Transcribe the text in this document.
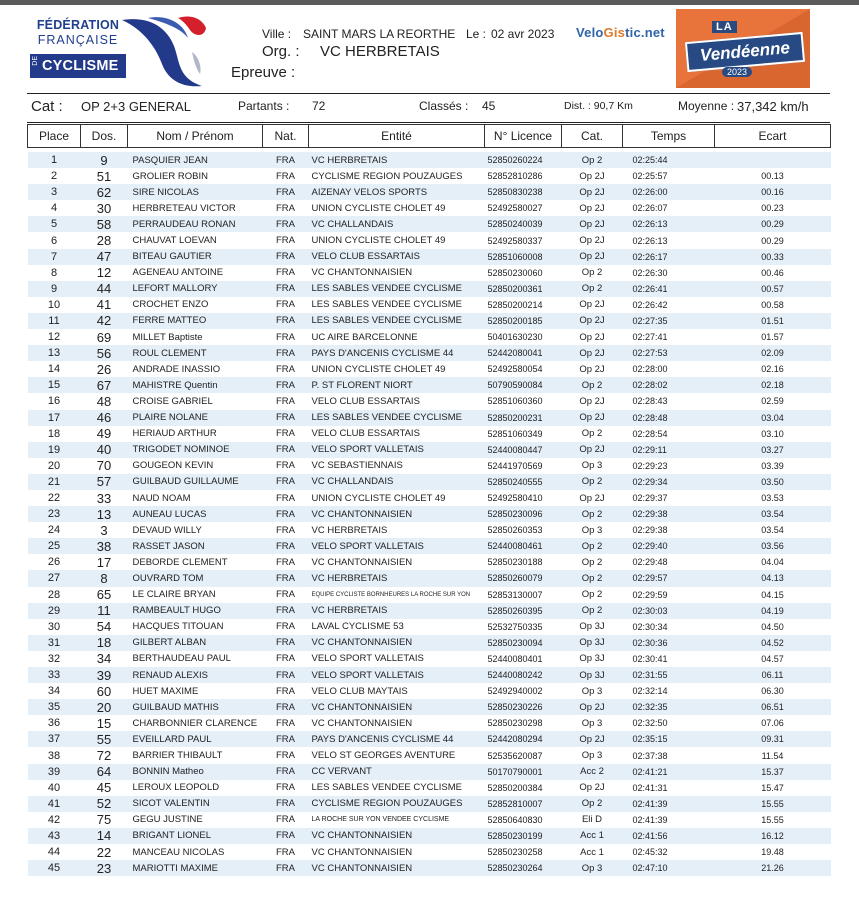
FÉDÉRATION
FRANÇAISE
DE CYCLISME
Ville : SAINT MARS LA REORTHE Le : 02 avr 2023
Org. : VC HERBRETAIS
Epreuve :
VeloGistic.net	LA
Vendéenne
2023
Cat : OP 2+3 GENERAL	Partants : 72	Classés : 45	Dist. : 90,7 Km	Moyenne : 37,342 km/h
Place	Dos.	Nom / Prénom	Nat.	Entité	N° Licence	Cat.	Temps	Ecart

1	9	PASQUIER JEAN	FRA	VC HERBRETAIS	52850260224	Op 2	02:25:44	
2	51	GROLIER ROBIN	FRA	CYCLISME REGION POUZAUGES	52852810286	Op 2J	02:25:57	00.13
3	62	SIRE NICOLAS	FRA	AIZENAY VELOS SPORTS	52850830238	Op 2J	02:26:00	00.16
4	30	HERBRETEAU VICTOR	FRA	UNION CYCLISTE CHOLET 49	52492580027	Op 2J	02:26:07	00.23
5	58	PERRAUDEAU RONAN	FRA	VC CHALLANDAIS	52850240039	Op 2J	02:26:13	00.29
6	28	CHAUVAT LOEVAN	FRA	UNION CYCLISTE CHOLET 49	52492580337	Op 2J	02:26:13	00.29
7	47	BITEAU GAUTIER	FRA	VELO CLUB ESSARTAIS	52851060008	Op 2J	02:26:17	00.33
8	12	AGENEAU ANTOINE	FRA	VC CHANTONNAISIEN	52850230060	Op 2	02:26:30	00.46
9	44	LEFORT MALLORY	FRA	LES SABLES VENDEE CYCLISME	52850200361	Op 2	02:26:41	00.57
10	41	CROCHET ENZO	FRA	LES SABLES VENDEE CYCLISME	52850200214	Op 2J	02:26:42	00.58
11	42	FERRE MATTEO	FRA	LES SABLES VENDEE CYCLISME	52850200185	Op 2J	02:27:35	01.51
12	69	MILLET Baptiste	FRA	UC AIRE BARCELONNE	50401630230	Op 2J	02:27:41	01.57
13	56	ROUL CLEMENT	FRA	PAYS D'ANCENIS CYCLISME 44	52442080041	Op 2J	02:27:53	02.09
14	26	ANDRADE INASSIO	FRA	UNION CYCLISTE CHOLET 49	52492580054	Op 2J	02:28:00	02.16
15	67	MAHISTRE Quentin	FRA	P. ST FLORENT NIORT	50790590084	Op 2	02:28:02	02.18
16	48	CROISE GABRIEL	FRA	VELO CLUB ESSARTAIS	52851060360	Op 2J	02:28:43	02.59
17	46	PLAIRE NOLANE	FRA	LES SABLES VENDEE CYCLISME	52850200231	Op 2J	02:28:48	03.04
18	49	HERIAUD ARTHUR	FRA	VELO CLUB ESSARTAIS	52851060349	Op 2	02:28:54	03.10
19	40	TRIGODET NOMINOE	FRA	VELO SPORT VALLETAIS	52440080447	Op 2J	02:29:11	03.27
20	70	GOUGEON KEVIN	FRA	VC SEBASTIENNAIS	52441970569	Op 3	02:29:23	03.39
21	57	GUILBAUD GUILLAUME	FRA	VC CHALLANDAIS	52850240555	Op 2	02:29:34	03.50
22	33	NAUD NOAM	FRA	UNION CYCLISTE CHOLET 49	52492580410	Op 2J	02:29:37	03.53
23	13	AUNEAU LUCAS	FRA	VC CHANTONNAISIEN	52850230096	Op 2	02:29:38	03.54
24	3	DEVAUD WILLY	FRA	VC HERBRETAIS	52850260353	Op 3	02:29:38	03.54
25	38	RASSET JASON	FRA	VELO SPORT VALLETAIS	52440080461	Op 2	02:29:40	03.56
26	17	DEBORDE CLEMENT	FRA	VC CHANTONNAISIEN	52850230188	Op 2	02:29:48	04.04
27	8	OUVRARD TOM	FRA	VC HERBRETAIS	52850260079	Op 2	02:29:57	04.13
28	65	LE CLAIRE BRYAN	FRA	EQUIPE CYCLISTE BORNHEURES LA ROCHE SUR YON	52853130007	Op 2	02:29:59	04.15
29	11	RAMBEAULT HUGO	FRA	VC HERBRETAIS	52850260395	Op 2	02:30:03	04.19
30	54	HACQUES TITOUAN	FRA	LAVAL CYCLISME 53	52532750335	Op 3J	02:30:34	04.50
31	18	GILBERT ALBAN	FRA	VC CHANTONNAISIEN	52850230094	Op 3J	02:30:36	04.52
32	34	BERTHAUDEAU PAUL	FRA	VELO SPORT VALLETAIS	52440080401	Op 3J	02:30:41	04.57
33	39	RENAUD ALEXIS	FRA	VELO SPORT VALLETAIS	52440080242	Op 3J	02:31:55	06.11
34	60	HUET MAXIME	FRA	VELO CLUB MAYTAIS	52492940002	Op 3	02:32:14	06.30
35	20	GUILBAUD MATHIS	FRA	VC CHANTONNAISIEN	52850230226	Op 2J	02:32:35	06.51
36	15	CHARBONNIER CLARENCE	FRA	VC CHANTONNAISIEN	52850230298	Op 3	02:32:50	07.06
37	55	EVEILLARD PAUL	FRA	PAYS D'ANCENIS CYCLISME 44	52442080294	Op 2J	02:35:15	09.31
38	72	BARRIER THIBAULT	FRA	VELO ST GEORGES AVENTURE	52535620087	Op 3	02:37:38	11.54
39	64	BONNIN Matheo	FRA	CC VERVANT	50170790001	Acc 2	02:41:21	15.37
40	45	LEROUX LEOPOLD	FRA	LES SABLES VENDEE CYCLISME	52850200384	Op 2J	02:41:31	15.47
41	52	SICOT VALENTIN	FRA	CYCLISME REGION POUZAUGES	52852810007	Op 2	02:41:39	15.55
42	75	GEGU JUSTINE	FRA	LA ROCHE SUR YON VENDEE CYCLISME	52850640830	Eli D	02:41:39	15.55
43	14	BRIGANT LIONEL	FRA	VC CHANTONNAISIEN	52850230199	Acc 1	02:41:56	16.12
44	22	MANCEAU NICOLAS	FRA	VC CHANTONNAISIEN	52850230258	Acc 1	02:45:32	19.48
45	23	MARIOTTI MAXIME	FRA	VC CHANTONNAISIEN	52850230264	Op 3	02:47:10	21.26
